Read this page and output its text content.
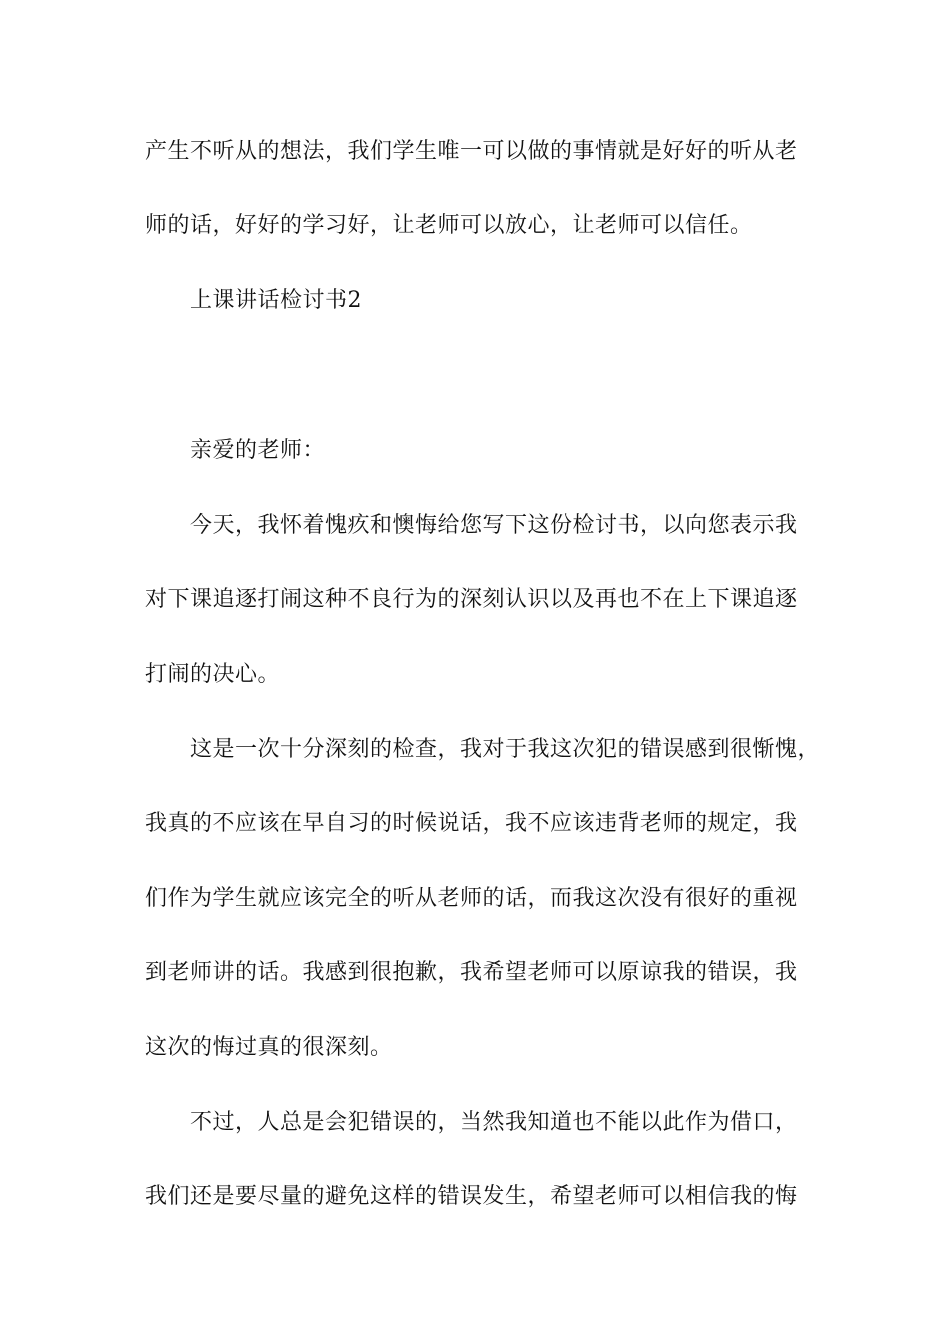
产生不听从的想法，我们学生唯一可以做的事情就是好好的听从老
师的话，好好的学习好，让老师可以放心，让老师可以信任。
上课讲话检讨书2
亲爱的老师：
今天，我怀着愧疚和懊悔给您写下这份检讨书，以向您表示我
对下课追逐打闹这种不良行为的深刻认识以及再也不在上下课追逐
打闹的决心。
这是一次十分深刻的检查，我对于我这次犯的错误感到很惭愧，
我真的不应该在早自习的时候说话，我不应该违背老师的规定，我
们作为学生就应该完全的听从老师的话，而我这次没有很好的重视
到老师讲的话。我感到很抱歉，我希望老师可以原谅我的错误，我
这次的悔过真的很深刻。
不过，人总是会犯错误的，当然我知道也不能以此作为借口，
我们还是要尽量的避免这样的错误发生，希望老师可以相信我的悔
